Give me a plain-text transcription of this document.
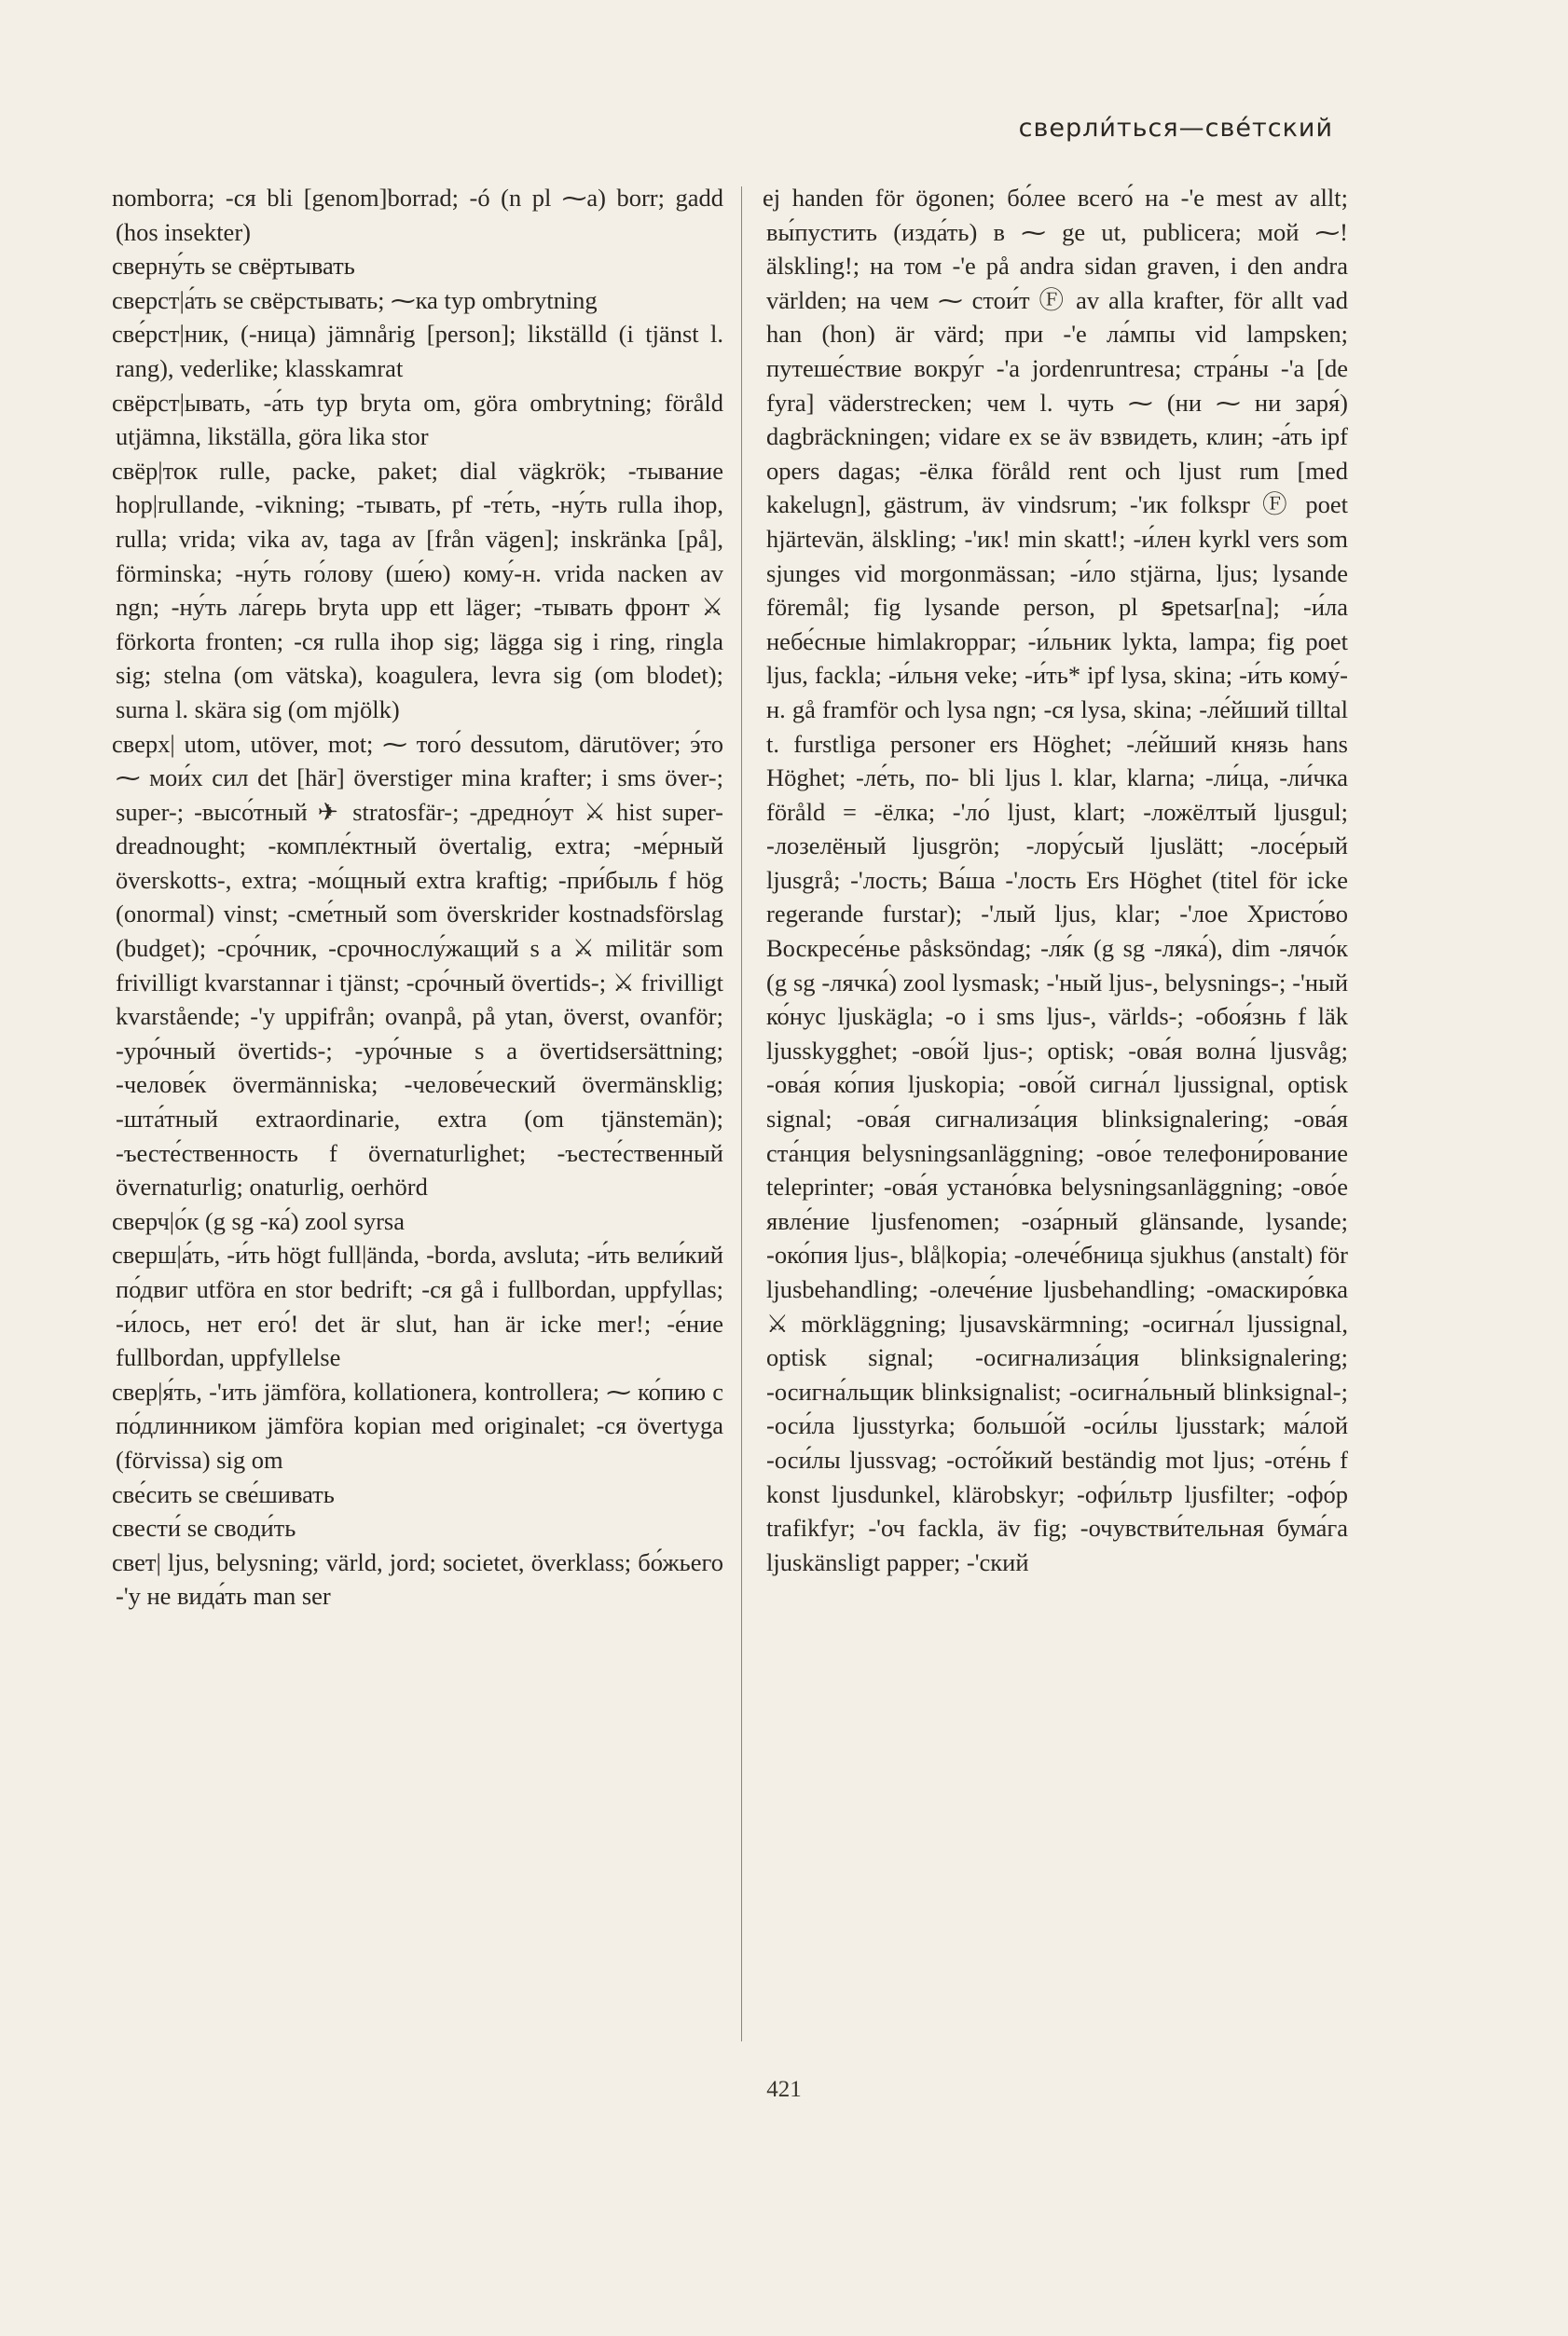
сверли́ться—све́тский

nomborra; -ся bli [genom]borrad; -ó (n pl ⁓а) borr; gadd (hos insekter)

сверну́ть se свёртывать

сверст|а́ть se свёрстывать; ⁓ка typ ombrytning

све́рст|ник, (-ница) jämnårig [person]; likställd (i tjänst l. rang), vederlike; klasskamrat

свёрст|ывать, -а́ть typ bryta om, göra ombrytning; föråld utjämna, likställa, göra lika stor

свёр|ток rulle, packe, paket; dial vägkrök; -тывание hop|rullande, -vikning; -тывать, pf -те́ть, -ну́ть rulla ihop, rulla; vrida; vika av, taga av [från vägen]; inskränka [på], förminska; -ну́ть го́лову (ше́ю) кому́-н. vrida nacken av ngn; -ну́ть ла́герь bryta upp ett läger; -тывать фронт ⚔ förkorta fronten; -ся rulla ihop sig; lägga sig i ring, ringla sig; stelna (om vätska), koagulera, levra sig (om blodet); surna l. skära sig (om mjölk)

сверх| utom, utöver, mot; ⁓ того́ dessutom, därutöver; э́то ⁓ мои́х сил det [här] överstiger mina krafter; i sms över-; super-; -высо́тный ✈ stratosfär-; -дредно́ут ⚔ hist super-dreadnought; -компле́ктный övertalig, extra; -ме́рный överskotts-, extra; -мо́щный extra kraftig; -при́быль f hög (onormal) vinst; -сме́тный som överskrider kostnadsförslag (budget); -сро́чник, -срочнослу́жащий s a ⚔ militär som frivilligt kvarstannar i tjänst; -сро́чный övertids-; ⚔ frivilligt kvarstående; -'у uppifrån; ovanpå, på ytan, överst, ovanför; -уро́чный övertids-; -уро́чные s a övertidsersättning; -челове́к övermänniska; -челове́ческий övermänsklig; -шта́тный extraordinarie, extra (om tjänstemän); -ъесте́ственность f övernaturlighet; -ъесте́ственный övernaturlig; onaturlig, oerhörd

сверч|о́к (g sg -ка́) zool syrsa

сверш|а́ть, -и́ть högt full|ända, -borda, avsluta; -и́ть вели́кий по́двиг utföra en stor bedrift; -ся gå i fullbordan, uppfyllas; -и́лось, нет его́! det är slut, han är icke mer!; -е́ние fullbordan, uppfyllelse

свер|я́ть, -'ить jämföra, kollationera, kontrollera; ⁓ ко́пию с по́длинником jämföra kopian med originalet; -ся övertyga (förvissa) sig om

све́сить se све́шивать

свести́ se своди́ть

свет| ljus, belysning; värld, jord; societet, överklass; бо́жьего -'у не вида́ть man ser

ej handen för ögonen; бо́лее всего́ на -'е mest av allt; вы́пустить (изда́ть) в ⁓ ge ut, publicera; мой ⁓! älskling!; на том -'е på andra sidan graven, i den andra världen; на чем ⁓ стои́т Ⓕ av alla krafter, för allt vad han (hon) är värd; при -'е ла́мпы vid lampsken; путеше́ствие вокру́г -'а jordenruntresa; стра́ны -'а [de fyra] väderstrecken; чем l. чуть ⁓ (ни ⁓ ни заря́) dagbräckningen; vidare ex se äv взвидеть, клин; -а́ть ipf opers dagas; -ёлка föråld rent och ljust rum [med kakelugn], gästrum, äv vindsrum; -'ик folkspr Ⓕ poet hjärtevän, älskling; -'ик! min skatt!; -и́лен kyrkl vers som sjunges vid morgonmässan; -и́ло stjärna, ljus; lysande föremål; fig lysande person, pl ꞩpetsar[na]; -и́ла небе́сные himlakroppar; -и́льник lykta, lampa; fig poet ljus, fackla; -и́льня veke; -и́ть* ipf lysa, skina; -и́ть кому́-н. gå framför och lysa ngn; -ся lysa, skina; -ле́йший tilltal t. furstliga personer ers Höghet; -ле́йший князь hans Höghet; -ле́ть, по- bli ljus l. klar, klarna; -ли́ца, -ли́чка föråld = -ёлка; -'ло́ ljust, klart; -ложёлтый ljusgul; -лозелёный ljusgrön; -лору́сый ljuslätt; -лосе́рый ljusgrå; -'лость; Ва́ша -'лость Ers Höghet (titel för icke regerande furstar); -'лый ljus, klar; -'лое Христо́во Воскресе́нье påsksöndag; -ля́к (g sg -ляка́), dim -лячо́к (g sg -лячка́) zool lysmask; -'ный ljus-, belysnings-; -'ный ко́нус ljuskägla; -о i sms ljus-, världs-; -обоя́знь f läk ljusskygghet; -ово́й ljus-; optisk; -ова́я волна́ ljusvåg; -ова́я ко́пия ljuskopia; -ово́й сигна́л ljussignal, optisk signal; -ова́я сигнализа́ция blinksignalering; -ова́я ста́нция belysningsanläggning; -ово́е телефони́рование teleprinter; -ова́я устано́вка belysningsanläggning; -ово́е явле́ние ljusfenomen; -оза́рный glänsande, lysande; -око́пия ljus-, blå|kopia; -олече́бница sjukhus (anstalt) för ljusbehandling; -олече́ние ljusbehandling; -омаскиро́вка ⚔ mörkläggning; ljusavskärmning; -осигна́л ljussignal, optisk signal; -осигнализа́ция blinksignalering; -осигна́льщик blinksignalist; -осигна́льный blinksignal-; -оси́ла ljusstyrka; большо́й -оси́лы ljusstark; ма́лой -оси́лы ljussvag; -осто́йкий beständig mot ljus; -оте́нь f konst ljusdunkel, klärobskyr; -офи́льтр ljusfilter; -офо́р trafikfyr; -'оч fackla, äv fig; -очувстви́тельная бума́га ljuskänsligt papper; -'ский

421
